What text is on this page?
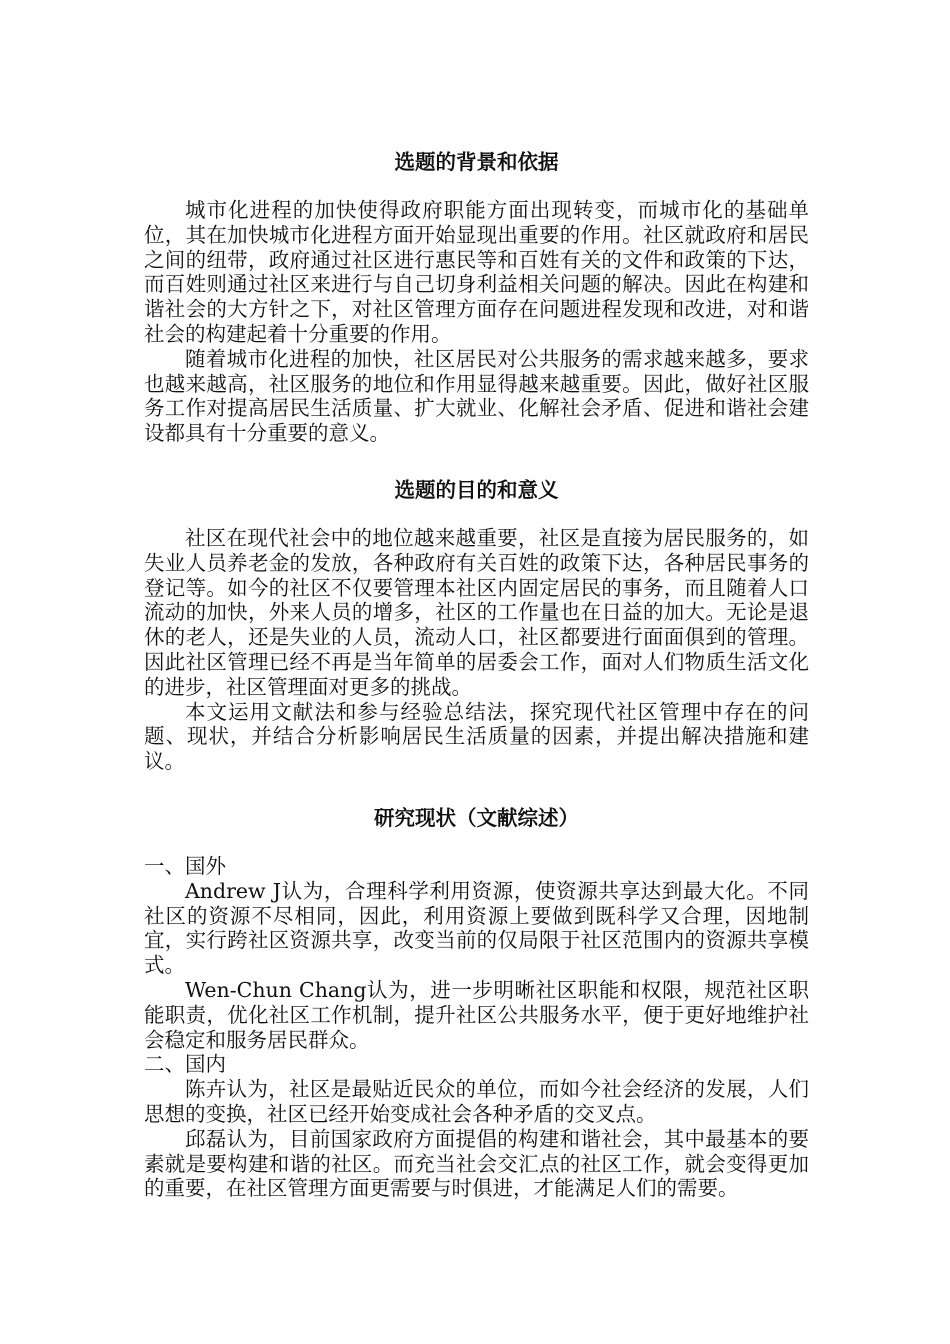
选题的背景和依据

城市化进程的加快使得政府职能方面出现转变，而城市化的基础单位，其在加快城市化进程方面开始显现出重要的作用。社区就政府和居民之间的纽带，政府通过社区进行惠民等和百姓有关的文件和政策的下达，而百姓则通过社区来进行与自己切身利益相关问题的解决。因此在构建和谐社会的大方针之下，对社区管理方面存在问题进程发现和改进，对和谐社会的构建起着十分重要的作用。

随着城市化进程的加快，社区居民对公共服务的需求越来越多，要求也越来越高，社区服务的地位和作用显得越来越重要。因此，做好社区服务工作对提高居民生活质量、扩大就业、化解社会矛盾、促进和谐社会建设都具有十分重要的意义。

选题的目的和意义

社区在现代社会中的地位越来越重要，社区是直接为居民服务的，如失业人员养老金的发放，各种政府有关百姓的政策下达，各种居民事务的登记等。如今的社区不仅要管理本社区内固定居民的事务，而且随着人口流动的加快，外来人员的增多，社区的工作量也在日益的加大。无论是退休的老人，还是失业的人员，流动人口，社区都要进行面面俱到的管理。因此社区管理已经不再是当年简单的居委会工作，面对人们物质生活文化的进步，社区管理面对更多的挑战。

本文运用文献法和参与经验总结法，探究现代社区管理中存在的问题、现状，并结合分析影响居民生活质量的因素，并提出解决措施和建议。

研究现状（文献综述）

一、国外

Andrew J认为，合理科学利用资源，使资源共享达到最大化。不同社区的资源不尽相同，因此，利用资源上要做到既科学又合理，因地制宜，实行跨社区资源共享，改变当前的仅局限于社区范围内的资源共享模式。

Wen-Chun Chang认为，进一步明晰社区职能和权限，规范社区职能职责，优化社区工作机制，提升社区公共服务水平，便于更好地维护社会稳定和服务居民群众。

二、国内

陈卉认为，社区是最贴近民众的单位，而如今社会经济的发展，人们思想的变换，社区已经开始变成社会各种矛盾的交叉点。

邱磊认为，目前国家政府方面提倡的构建和谐社会，其中最基本的要素就是要构建和谐的社区。而充当社会交汇点的社区工作，就会变得更加的重要，在社区管理方面更需要与时俱进，才能满足人们的需要。
